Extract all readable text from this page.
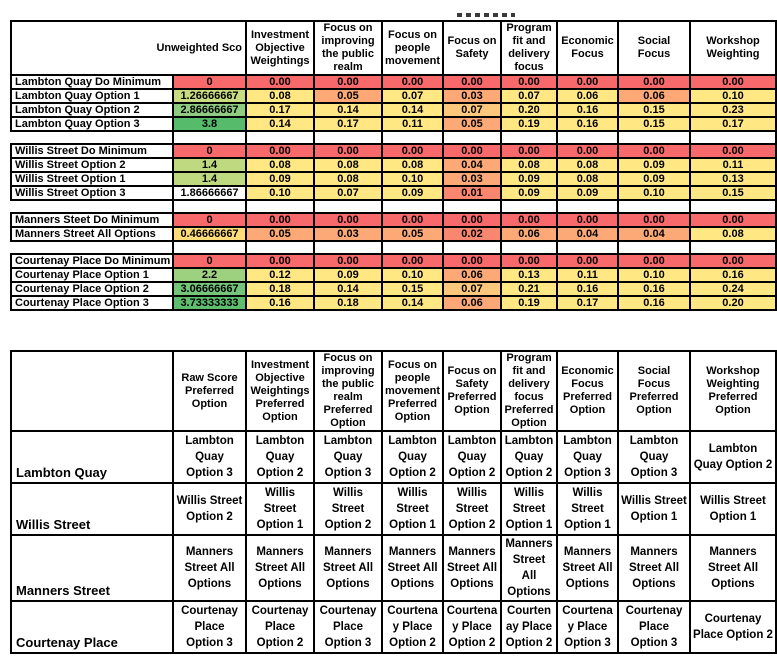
Unweighted Sco		Investment Objective Weightings	Focus on improving the public realm	Focus on people movement	Focus on Safety	Program fit and delivery focus	Economic Focus	Social Focus	Workshop Weighting
Lambton Quay Do Minimum	0	0.00	0.00	0.00	0.00	0.00	0.00	0.00	0.00
Lambton Quay Option 1	1.26666667	0.08	0.05	0.07	0.03	0.07	0.06	0.06	0.10
Lambton Quay Option 2	2.86666667	0.17	0.14	0.14	0.07	0.20	0.16	0.15	0.23
Lambton Quay Option 3	3.8	0.14	0.17	0.11	0.05	0.19	0.16	0.15	0.17

Willis Street Do Minimum	0	0.00	0.00	0.00	0.00	0.00	0.00	0.00	0.00
Willis Street Option 2	1.4	0.08	0.08	0.08	0.04	0.08	0.08	0.09	0.11
Willis Street Option 1	1.4	0.09	0.08	0.10	0.03	0.09	0.08	0.09	0.13
Willis Street Option 3	1.86666667	0.10	0.07	0.09	0.01	0.09	0.09	0.10	0.15

Manners Steet Do Minimum	0	0.00	0.00	0.00	0.00	0.00	0.00	0.00	0.00
Manners Street All Options	0.46666667	0.05	0.03	0.05	0.02	0.06	0.04	0.04	0.08

Courtenay Place Do Minimum	0	0.00	0.00	0.00	0.00	0.00	0.00	0.00	0.00
Courtenay Place Option 1	2.2	0.12	0.09	0.10	0.06	0.13	0.11	0.10	0.16
Courtenay Place Option 2	3.06666667	0.18	0.14	0.15	0.07	0.21	0.16	0.16	0.24
Courtenay Place Option 3	3.73333333	0.16	0.18	0.14	0.06	0.19	0.17	0.16	0.20
	Raw Score Preferred Option	Investment Objective Weightings Preferred Option	Focus on improving the public realm Preferred Option	Focus on people movement Preferred Option	Focus on Safety Preferred Option	Program fit and delivery focus Preferred Option	Economic Focus Preferred Option	Social Focus Preferred Option	Workshop Weighting Preferred Option
Lambton Quay	Lambton Quay Option 3	Lambton Quay Option 2	Lambton Quay Option 3	Lambton Quay Option 2	Lambton Quay Option 2	Lambton Quay Option 2	Lambton Quay Option 3	Lambton Quay Option 3	Lambton Quay Option 2
Willis Street	Willis Street Option 2	Willis Street Option 1	Willis Street Option 2	Willis Street Option 1	Willis Street Option 2	Willis Street Option 1	Willis Street Option 1	Willis Street Option 1	Willis Street Option 1
Manners Street	Manners Street All Options	Manners Street All Options	Manners Street All Options	Manners Street All Options	Manners Street All Options	Manners Street All Options	Manners Street All Options	Manners Street All Options	Manners Street All Options
Courtenay Place	Courtenay Place Option 3	Courtenay Place Option 2	Courtenay Place Option 3	Courtenay Place Option 2	Courtenay Place Option 2	Courtenay Place Option 2	Courtenay Place Option 3	Courtenay Place Option 3	Courtenay Place Option 2
